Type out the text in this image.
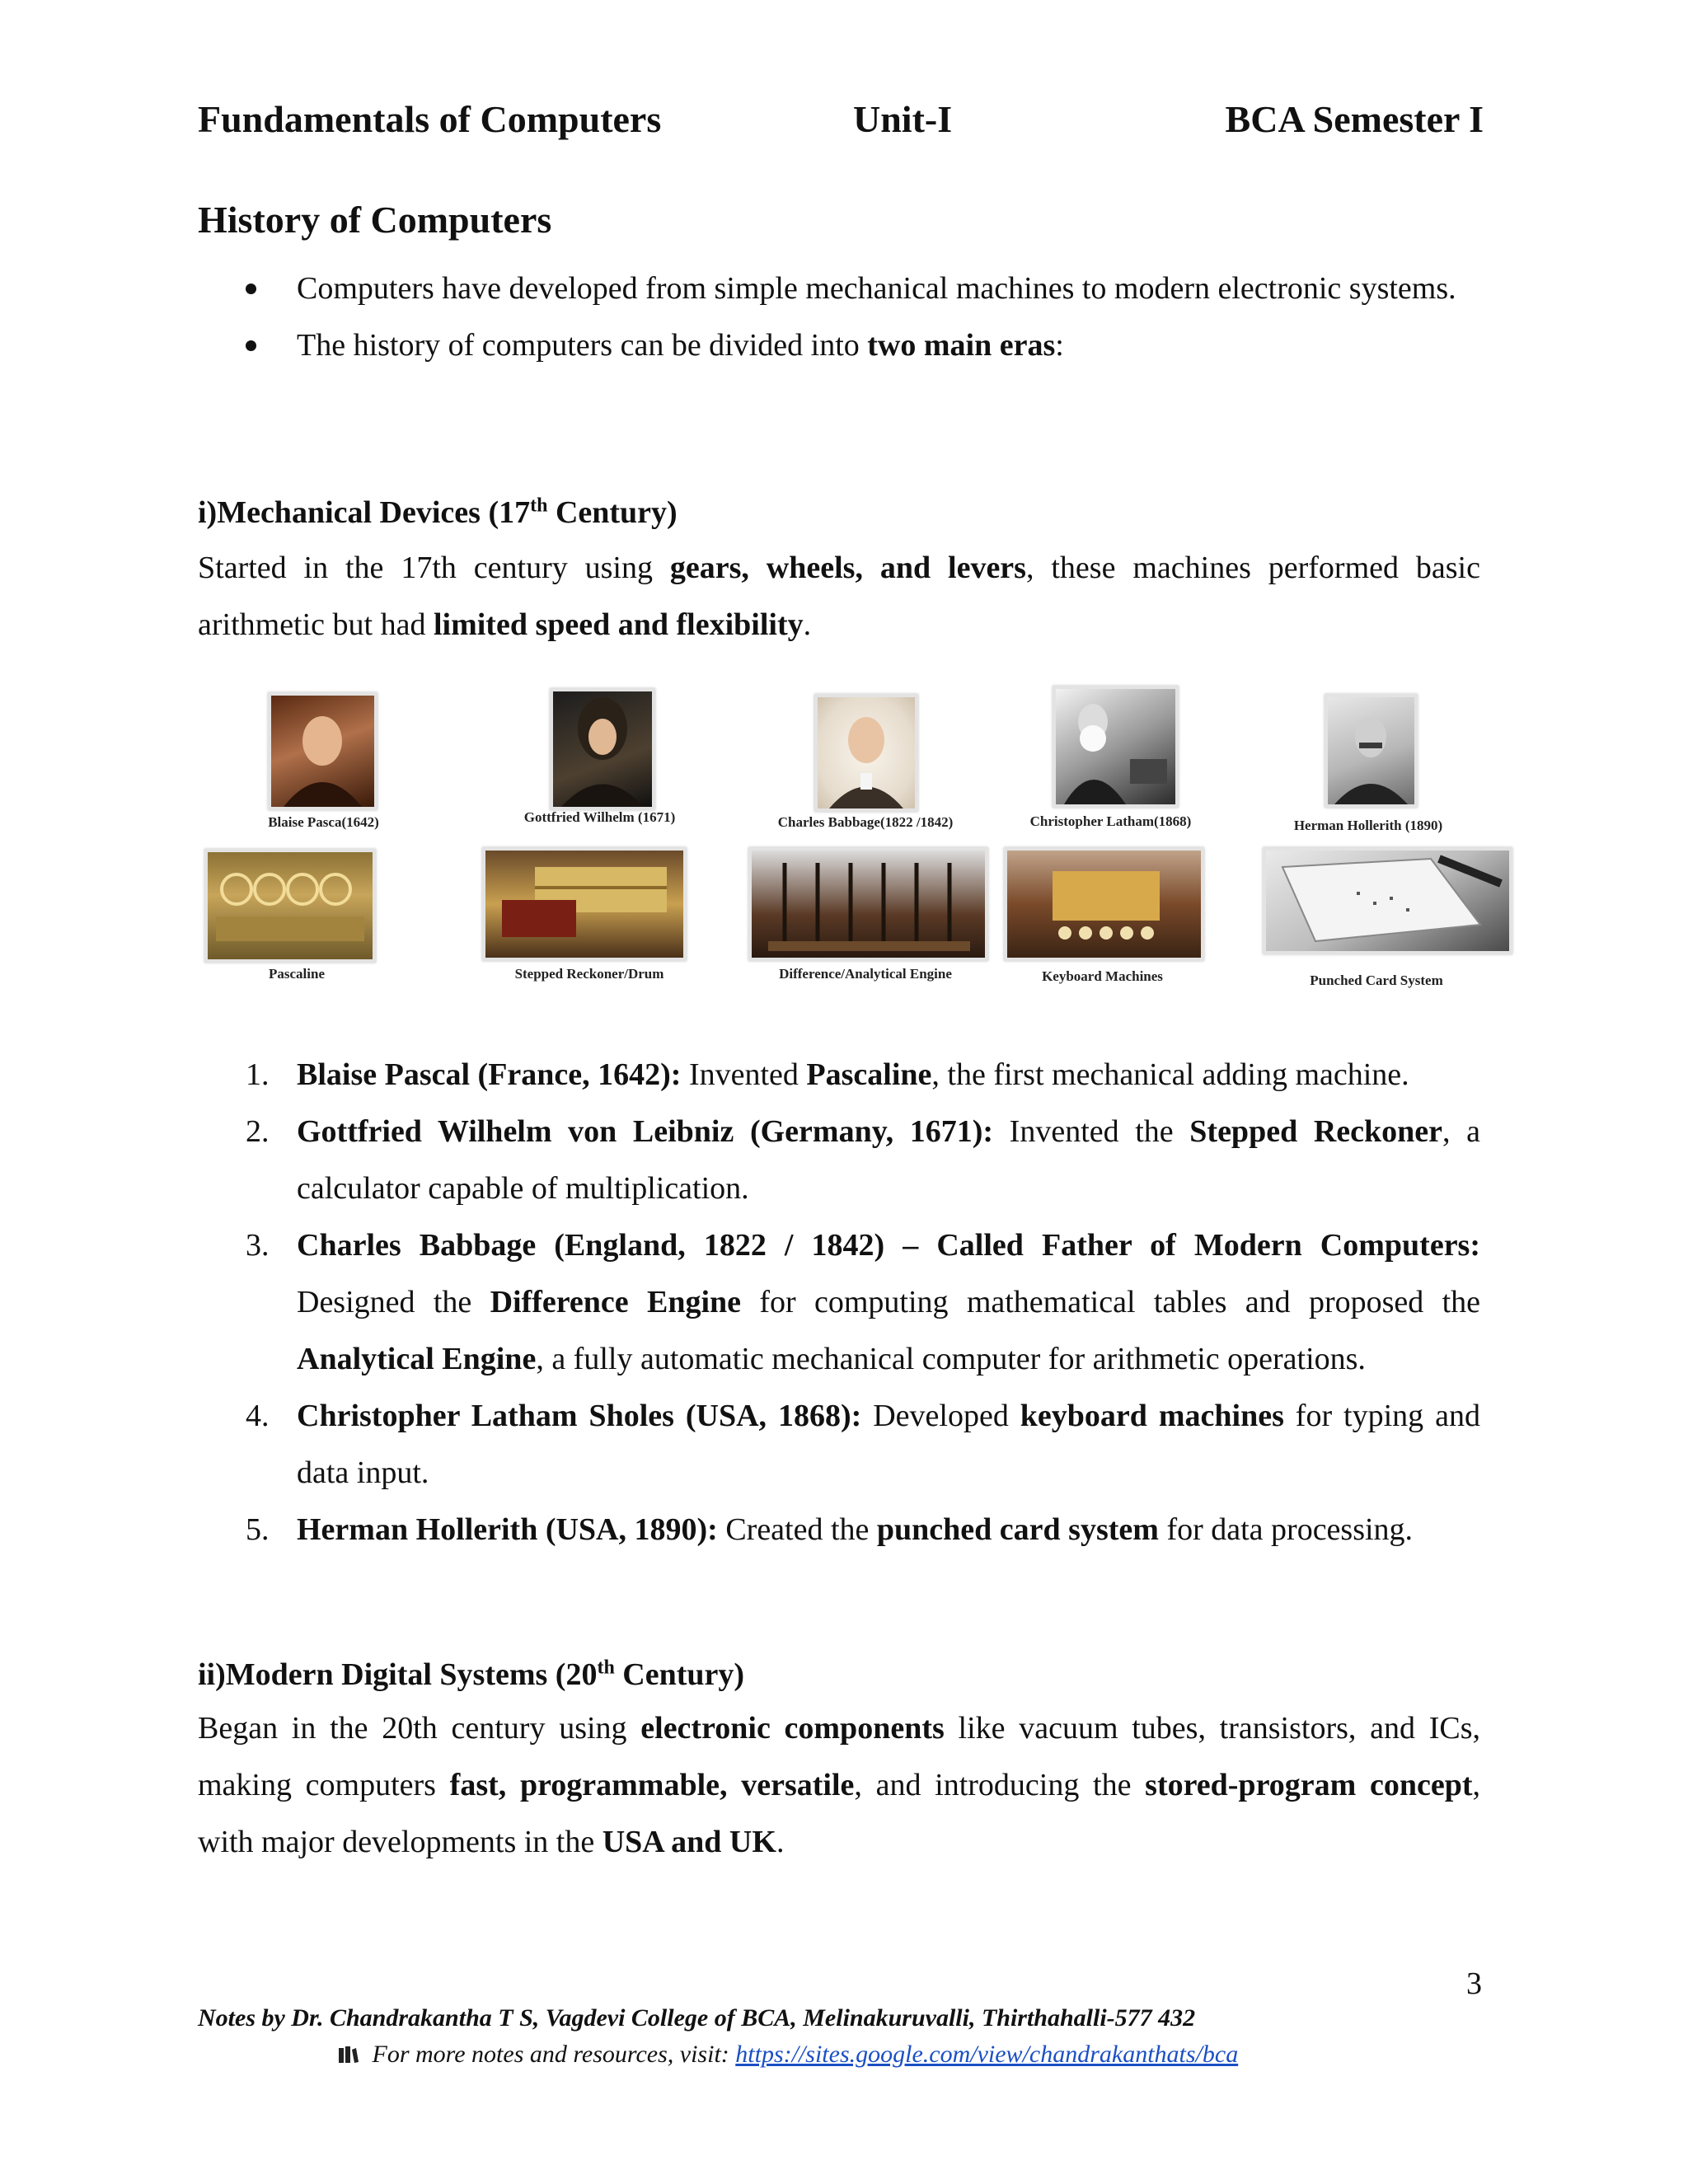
Fundamentals of Computers	Unit-I	BCA Semester I
History of Computers
Computers have developed from simple mechanical machines to modern electronic systems.
The history of computers can be divided into two main eras:
i)Mechanical Devices (17th Century)
Started in the 17th century using gears, wheels, and levers, these machines performed basic arithmetic but had limited speed and flexibility.
Blaise Pasca(1642)	Gottfried Wilhelm (1671)	Charles Babbage(1822 /1842)	Christopher Latham(1868)	Herman Hollerith (1890)
Pascaline	Stepped Reckoner/Drum	Difference/Analytical Engine	Keyboard Machines	Punched Card System
1. Blaise Pascal (France, 1642): Invented Pascaline, the first mechanical adding machine.
2. Gottfried Wilhelm von Leibniz (Germany, 1671): Invented the Stepped Reckoner, a calculator capable of multiplication.
3. Charles Babbage (England, 1822 / 1842) – Called Father of Modern Computers: Designed the Difference Engine for computing mathematical tables and proposed the Analytical Engine, a fully automatic mechanical computer for arithmetic operations.
4. Christopher Latham Sholes (USA, 1868): Developed keyboard machines for typing and data input.
5. Herman Hollerith (USA, 1890): Created the punched card system for data processing.
ii)Modern Digital Systems (20th Century)
Began in the 20th century using electronic components like vacuum tubes, transistors, and ICs, making computers fast, programmable, versatile, and introducing the stored-program concept, with major developments in the USA and UK.
3
Notes by Dr. Chandrakantha T S, Vagdevi College of BCA, Melinakuruvalli, Thirthahalli-577 432
For more notes and resources, visit: https://sites.google.com/view/chandrakanthats/bca
